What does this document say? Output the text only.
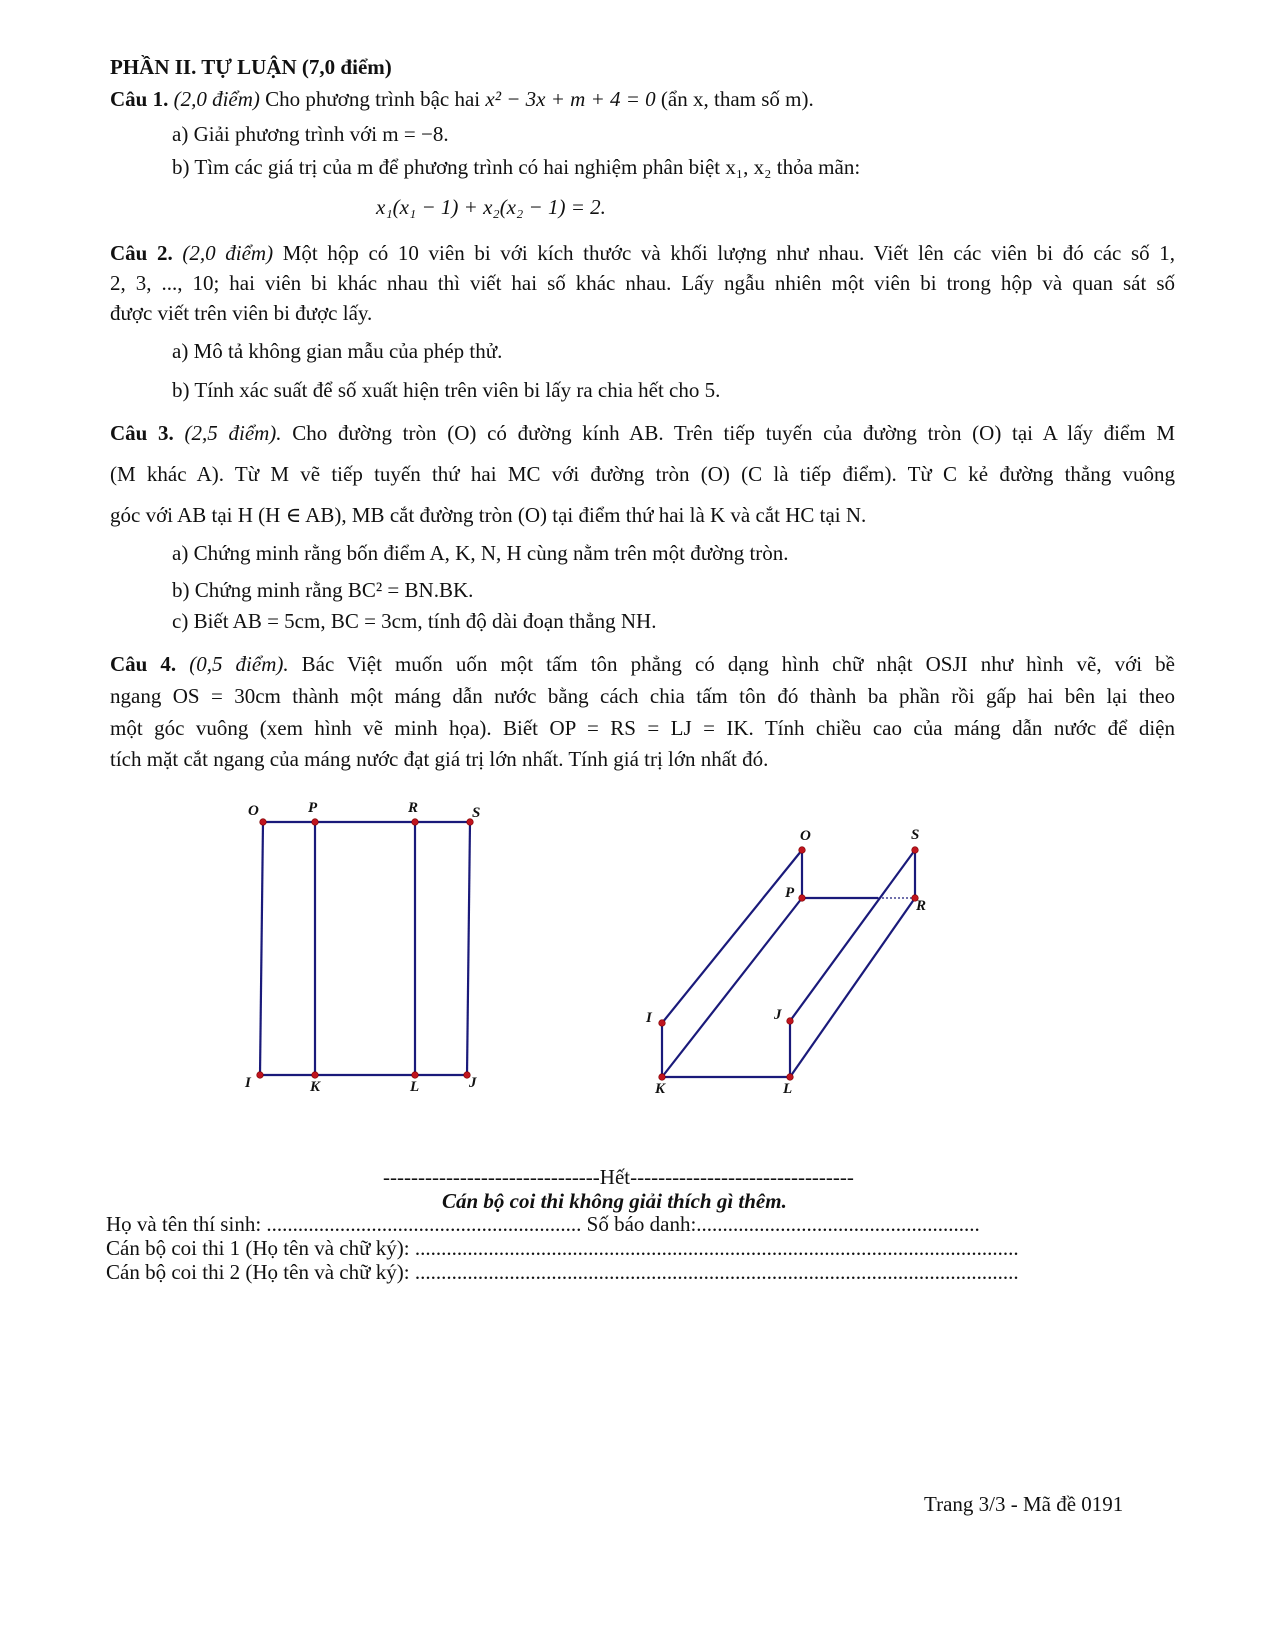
PHẦN II. TỰ LUẬN (7,0 điểm)
Câu 1. (2,0 điểm) Cho phương trình bậc hai x² − 3x + m + 4 = 0 (ẩn x, tham số m).
a) Giải phương trình với m = −8.
b) Tìm các giá trị của m để phương trình có hai nghiệm phân biệt x₁, x₂ thỏa mãn:
x₁(x₁ − 1) + x₂(x₂ − 1) = 2.
Câu 2. (2,0 điểm) Một hộp có 10 viên bi với kích thước và khối lượng như nhau. Viết lên các viên bi đó các số 1,
2, 3, ..., 10; hai viên bi khác nhau thì viết hai số khác nhau. Lấy ngẫu nhiên một viên bi trong hộp và quan sát số
được viết trên viên bi được lấy.
a) Mô tả không gian mẫu của phép thử.
b) Tính xác suất để số xuất hiện trên viên bi lấy ra chia hết cho 5.
Câu 3. (2,5 điểm). Cho đường tròn (O) có đường kính AB. Trên tiếp tuyến của đường tròn (O) tại A lấy điểm M
(M khác A). Từ M vẽ tiếp tuyến thứ hai MC với đường tròn (O) (C là tiếp điểm). Từ C kẻ đường thẳng vuông
góc với AB tại H (H ∈ AB), MB cắt đường tròn (O) tại điểm thứ hai là K và cắt HC tại N.
a) Chứng minh rằng bốn điểm A, K, N, H cùng nằm trên một đường tròn.
b) Chứng minh rằng BC² = BN.BK.
c) Biết AB = 5cm, BC = 3cm, tính độ dài đoạn thẳng NH.
Câu 4. (0,5 điểm). Bác Việt muốn uốn một tấm tôn phẳng có dạng hình chữ nhật OSJI như hình vẽ, với bề
ngang OS = 30cm thành một máng dẫn nước bằng cách chia tấm tôn đó thành ba phần rồi gấp hai bên lại theo
một góc vuông (xem hình vẽ minh họa). Biết OP = RS = LJ = IK. Tính chiều cao của máng dẫn nước để diện
tích mặt cắt ngang của máng nước đạt giá trị lớn nhất. Tính giá trị lớn nhất đó.
O	P	R	S
I	K	L	J
O	S
P
R
I	J
K	L
-------------------------------Hết--------------------------------
Cán bộ coi thi không giải thích gì thêm.
Họ và tên thí sinh: ............................................................ Số báo danh:......................................................
Cán bộ coi thi 1 (Họ tên và chữ ký): ...................................................................................................................
Cán bộ coi thi 2 (Họ tên và chữ ký): ...................................................................................................................
Trang 3/3 - Mã đề 0191
